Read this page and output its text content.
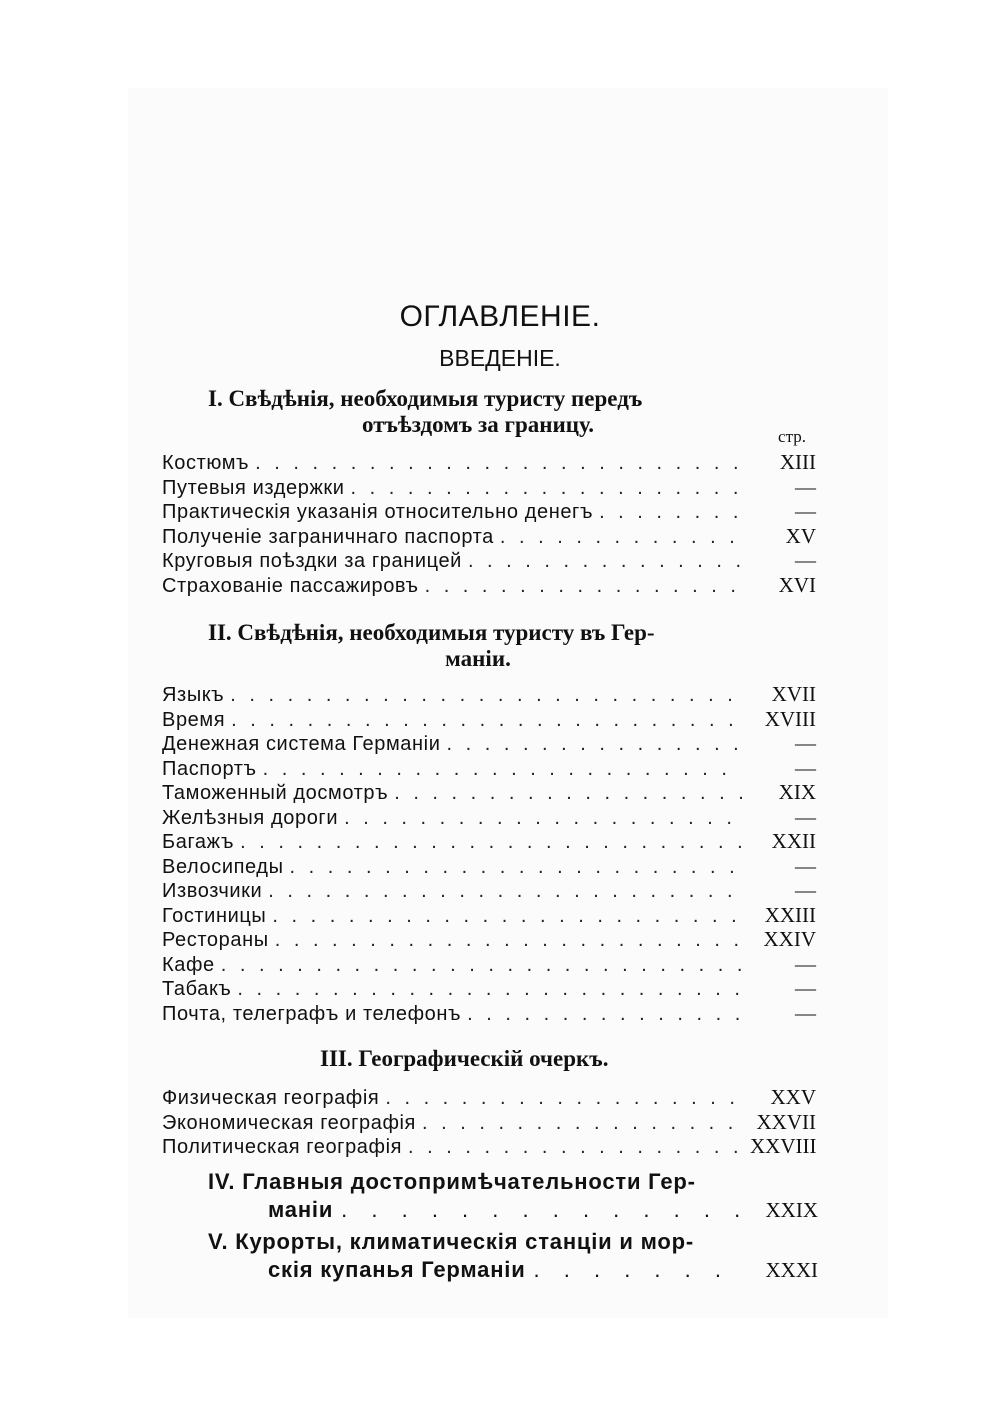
ОГЛАВЛЕНІЕ.
ВВЕДЕНІЕ.
I. Свѣдѣнія, необходимыя туристу передъ
отъѣздомъ за границу.	стр.
Костюмъ . . .	XIII
Путевыя издержки . . .	—
Практическія указанія относительно денегъ . . .	—
Полученіе заграничнаго паспорта . . .	XV
Круговыя поѣздки за границей . . .	—
Страхованіе пассажировъ . . .	XVI
II. Свѣдѣнія, необходимыя туристу въ Гер-
маніи.
Языкъ . . .	XVII
Время . . .	XVIII
Денежная система Германіи . . .	—
Паспортъ . . .	—
Таможенный досмотръ . . .	XIX
Желѣзныя дороги . . .	—
Багажъ . . .	XXII
Велосипеды . . .	—
Извозчики . . .	—
Гостиницы . . .	XXIII
Рестораны . . .	XXIV
Кафе . . .	—
Табакъ . . .	—
Почта, телеграфъ и телефонъ . . .	—
III. Географическій очеркъ.
Физическая географія . . .	XXV
Экономическая географія . . .	XXVII
Политическая географія . . .	XXVIII
IV. Главныя достопримѣчательности Гер-
маніи . . .	XXIX
V. Курорты, климатическія станціи и мор-
скія купанья Германіи . . .	XXXI
